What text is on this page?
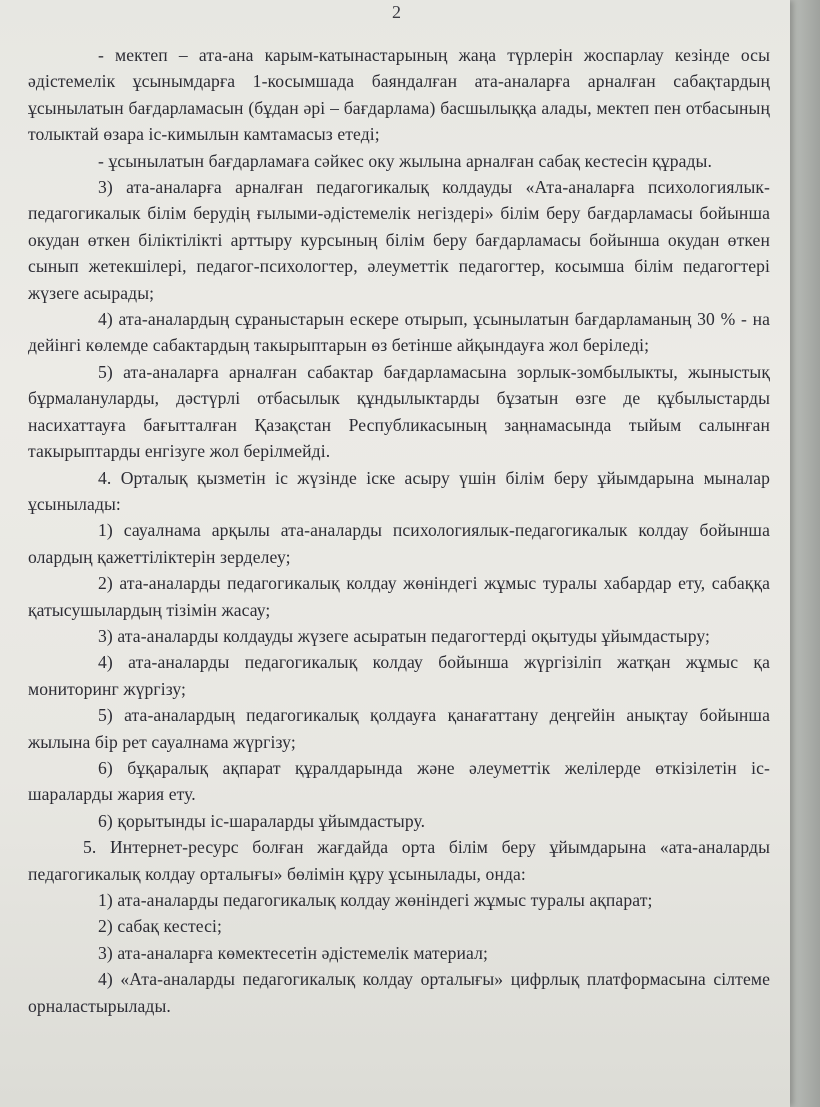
2

- мектеп – ата-ана карым-катынастарының жаңа түрлерін жоспарлау кезінде осы әдістемелік ұсынымдарға 1-косымшада баяндалған ата-аналарға арналған сабақтардың ұсынылатын бағдарламасын (бұдан әрі – бағдарлама) басшылыққа алады, мектеп пен отбасының толыктай өзара іс-кимылын камтамасыз етеді;

- ұсынылатын бағдарламаға сәйкес оку жылына арналған сабақ кестесін құрады.

3) ата-аналарға арналған педагогикалық колдауды «Ата-аналарға психологиялык-педагогикалык білім берудің ғылыми-әдістемелік негіздері» білім беру бағдарламасы бойынша окудан өткен біліктілікті арттыру курсының білім беру бағдарламасы бойынша окудан өткен сынып жетекшілері, педагог-психологтер, әлеуметтік педагогтер, косымша білім педагогтері жүзеге асырады;

4) ата-аналардың сұраныстарын ескере отырып, ұсынылатын бағдарламаның 30 % - на дейінгі көлемде сабактардың такырыптарын өз бетінше айқындауға жол беріледі;

5) ата-аналарға арналған сабактар бағдарламасына зорлык-зомбылыкты, жыныстық бұрмалануларды, дәстүрлі отбасылык құндылыктарды бұзатын өзге де құбылыстарды насихаттауға бағытталған Қазақстан Республикасының заңнамасында тыйым салынған такырыптарды енгізуге жол берілмейді.

4. Орталық қызметін іс жүзінде іске асыру үшін білім беру ұйымдарына мыналар ұсынылады:

1) сауалнама арқылы ата-аналарды психологиялык-педагогикалык колдау бойынша олардың қажеттіліктерін зерделеу;

2) ата-аналарды педагогикалық колдау жөніндегі жұмыс туралы хабардар ету, сабаққа қатысушылардың тізімін жасау;

3) ата-аналарды колдауды жүзеге асыратын педагогтерді оқытуды ұйымдастыру;

4) ата-аналарды педагогикалық колдау бойынша жүргізіліп жатқан жұмыс қа мониторинг жүргізу;

5) ата-аналардың педагогикалық қолдауға қанағаттану деңгейін анықтау бойынша жылына бір рет сауалнама жүргізу;

6) бұқаралық ақпарат құралдарында және әлеуметтік желілерде өткізілетін іс-шараларды жария ету.

6) қорытынды іс-шараларды ұйымдастыру.

5. Интернет-ресурс болған жағдайда орта білім беру ұйымдарына «ата-аналарды педагогикалық колдау орталығы» бөлімін құру ұсынылады, онда:

1) ата-аналарды педагогикалық колдау жөніндегі жұмыс туралы ақпарат;

2) сабақ кестесі;

3) ата-аналарға көмектесетін әдістемелік материал;

4) «Ата-аналарды педагогикалық колдау орталығы» цифрлық платформасына сілтеме орналастырылады.
